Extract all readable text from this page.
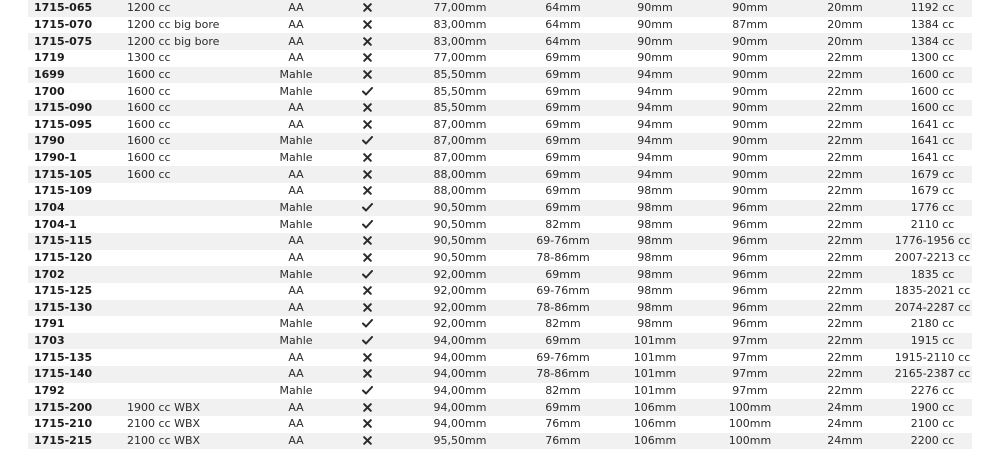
1715-065	1200 cc	AA		77,00mm	64mm	90mm	90mm	20mm	1192 cc
1715-070	1200 cc big bore	AA		83,00mm	64mm	90mm	87mm	20mm	1384 cc
1715-075	1200 cc big bore	AA		83,00mm	64mm	90mm	90mm	20mm	1384 cc
1719	1300 cc	AA		77,00mm	69mm	90mm	90mm	22mm	1300 cc
1699	1600 cc	Mahle		85,50mm	69mm	94mm	90mm	22mm	1600 cc
1700	1600 cc	Mahle		85,50mm	69mm	94mm	90mm	22mm	1600 cc
1715-090	1600 cc	AA		85,50mm	69mm	94mm	90mm	22mm	1600 cc
1715-095	1600 cc	AA		87,00mm	69mm	94mm	90mm	22mm	1641 cc
1790	1600 cc	Mahle		87,00mm	69mm	94mm	90mm	22mm	1641 cc
1790-1	1600 cc	Mahle		87,00mm	69mm	94mm	90mm	22mm	1641 cc
1715-105	1600 cc	AA		88,00mm	69mm	94mm	90mm	22mm	1679 cc
1715-109		AA		88,00mm	69mm	98mm	90mm	22mm	1679 cc
1704		Mahle		90,50mm	69mm	98mm	96mm	22mm	1776 cc
1704-1		Mahle		90,50mm	82mm	98mm	96mm	22mm	2110 cc
1715-115		AA		90,50mm	69-76mm	98mm	96mm	22mm	1776-1956 cc
1715-120		AA		90,50mm	78-86mm	98mm	96mm	22mm	2007-2213 cc
1702		Mahle		92,00mm	69mm	98mm	96mm	22mm	1835 cc
1715-125		AA		92,00mm	69-76mm	98mm	96mm	22mm	1835-2021 cc
1715-130		AA		92,00mm	78-86mm	98mm	96mm	22mm	2074-2287 cc
1791		Mahle		92,00mm	82mm	98mm	96mm	22mm	2180 cc
1703		Mahle		94,00mm	69mm	101mm	97mm	22mm	1915 cc
1715-135		AA		94,00mm	69-76mm	101mm	97mm	22mm	1915-2110 cc
1715-140		AA		94,00mm	78-86mm	101mm	97mm	22mm	2165-2387 cc
1792		Mahle		94,00mm	82mm	101mm	97mm	22mm	2276 cc
1715-200	1900 cc WBX	AA		94,00mm	69mm	106mm	100mm	24mm	1900 cc
1715-210	2100 cc WBX	AA		94,00mm	76mm	106mm	100mm	24mm	2100 cc
1715-215	2100 cc WBX	AA		95,50mm	76mm	106mm	100mm	24mm	2200 cc
